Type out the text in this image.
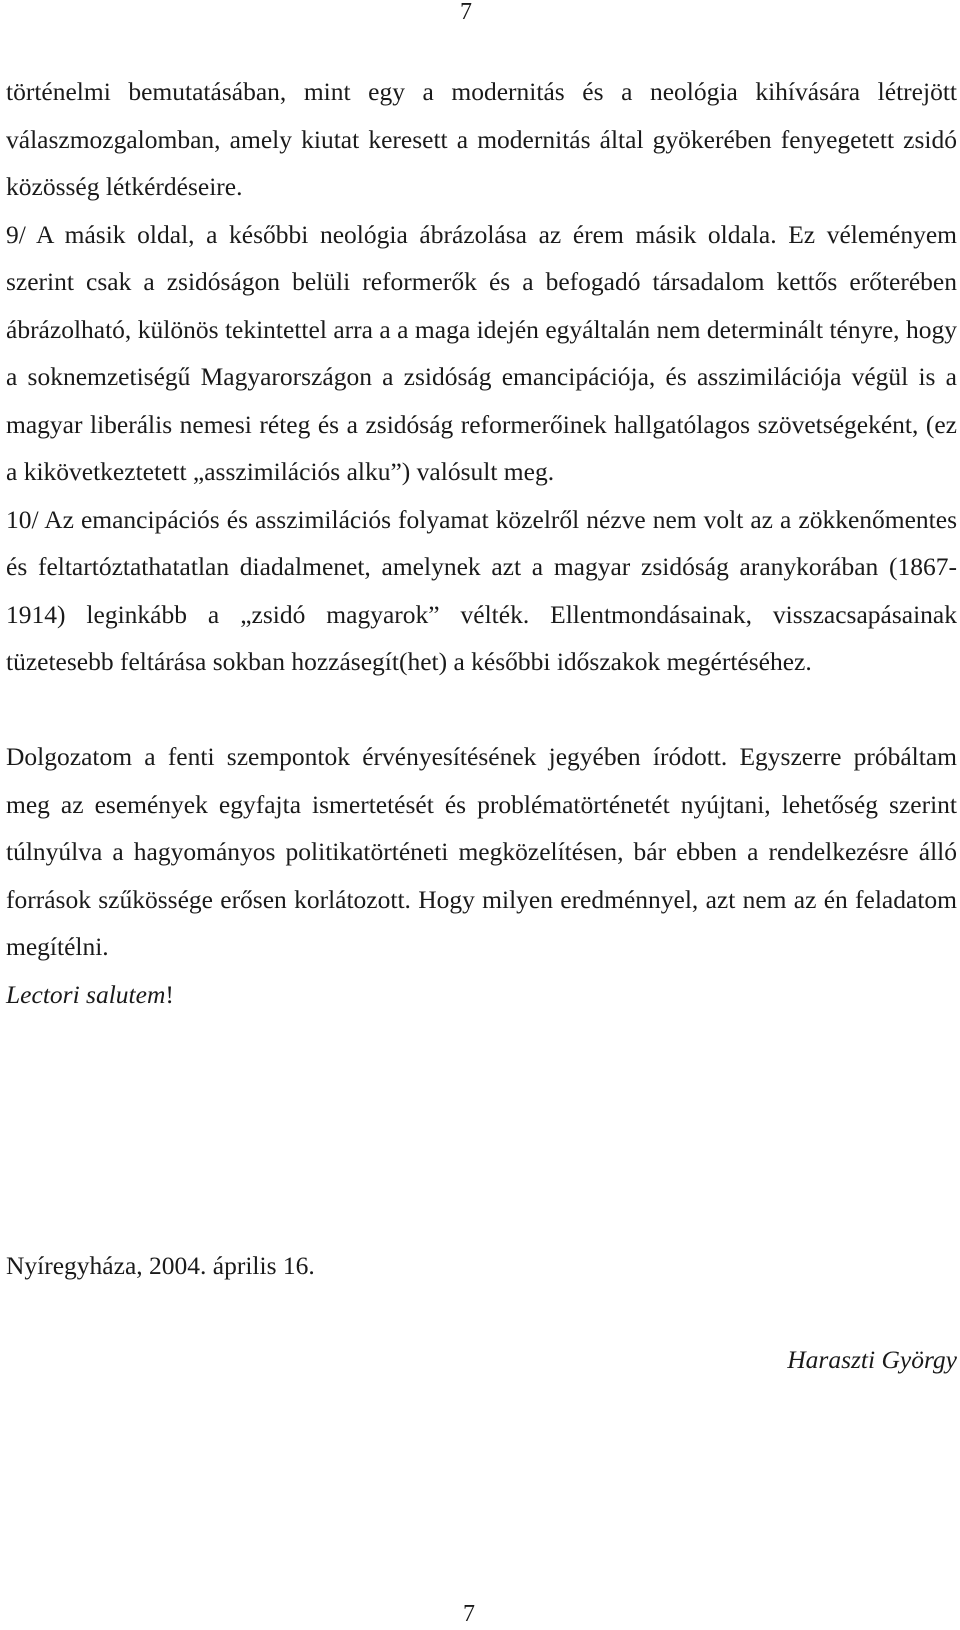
7

történelmi bemutatásában, mint egy a modernitás és a neológia kihívására létrejött válaszmozgalomban, amely kiutat keresett a modernitás által gyökerében fenyegetett zsidó közösség létkérdéseire.

9/ A másik oldal, a későbbi neológia ábrázolása az érem másik oldala. Ez véleményem szerint csak a zsidóságon belüli reformerők és a befogadó társadalom kettős erőterében ábrázolható, különös tekintettel arra a a maga idején egyáltalán nem determinált tényre, hogy a soknemzetiségű Magyarországon a zsidóság emancipációja, és asszimilációja végül is a magyar liberális nemesi réteg és a zsidóság reformerőinek hallgatólagos szövetségeként, (ez a kikövetkeztetett „asszimilációs alku”) valósult meg.

10/ Az emancipációs és asszimilációs folyamat közelről nézve nem volt az a zökkenőmentes és feltartóztathatatlan diadalmenet, amelynek azt a magyar zsidóság aranykorában (1867-1914) leginkább a „zsidó magyarok” vélték. Ellentmondásainak, visszacsapásainak tüzetesebb feltárása sokban hozzásegít(het) a későbbi időszakok megértéséhez.

Dolgozatom a fenti szempontok érvényesítésének jegyében íródott. Egyszerre próbáltam meg az események egyfajta ismertetését és problématörténetét nyújtani, lehetőség szerint túlnyúlva a hagyományos politikatörténeti megközelítésen, bár ebben a rendelkezésre álló források szűkössége erősen korlátozott. Hogy milyen eredménnyel, azt nem az én feladatom megítélni.

Lectori salutem!

Nyíregyháza, 2004. április 16.
Haraszti György
7
